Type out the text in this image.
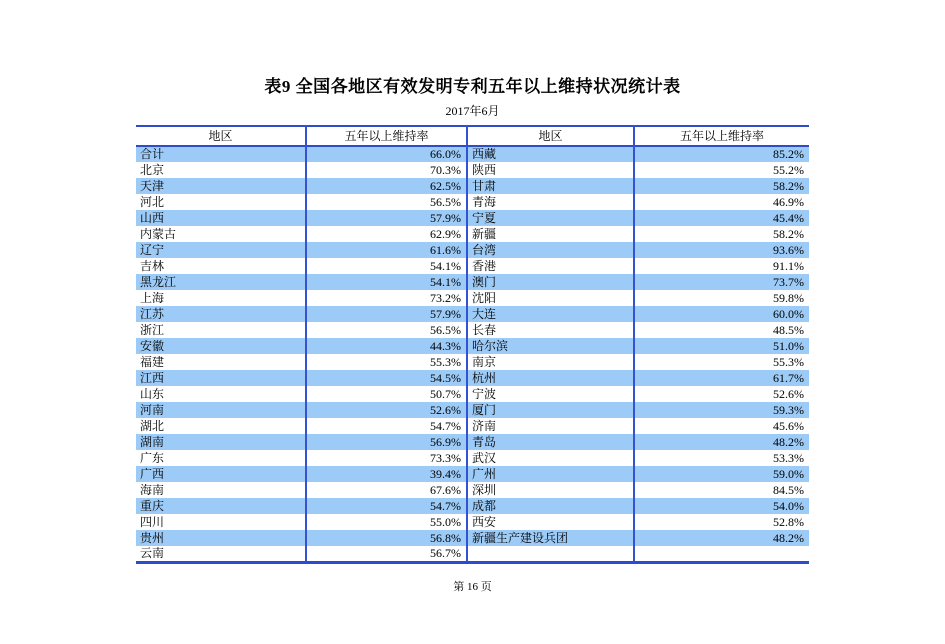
表9 全国各地区有效发明专利五年以上维持状况统计表
2017年6月
地区	五年以上维持率	地区	五年以上维持率
合计	66.0%	西藏	85.2%
北京	70.3%	陕西	55.2%
天津	62.5%	甘肃	58.2%
河北	56.5%	青海	46.9%
山西	57.9%	宁夏	45.4%
内蒙古	62.9%	新疆	58.2%
辽宁	61.6%	台湾	93.6%
吉林	54.1%	香港	91.1%
黑龙江	54.1%	澳门	73.7%
上海	73.2%	沈阳	59.8%
江苏	57.9%	大连	60.0%
浙江	56.5%	长春	48.5%
安徽	44.3%	哈尔滨	51.0%
福建	55.3%	南京	55.3%
江西	54.5%	杭州	61.7%
山东	50.7%	宁波	52.6%
河南	52.6%	厦门	59.3%
湖北	54.7%	济南	45.6%
湖南	56.9%	青岛	48.2%
广东	73.3%	武汉	53.3%
广西	39.4%	广州	59.0%
海南	67.6%	深圳	84.5%
重庆	54.7%	成都	54.0%
四川	55.0%	西安	52.8%
贵州	56.8%	新疆生产建设兵团	48.2%
云南	56.7%		
第 16 页
